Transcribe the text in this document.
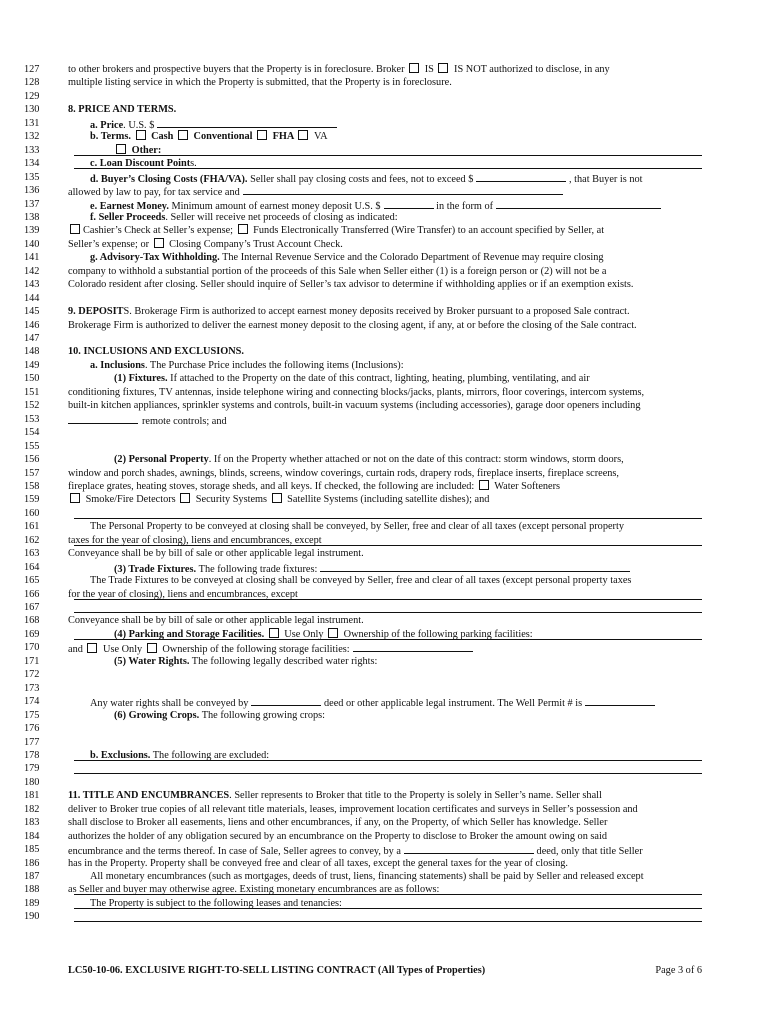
127	to other brokers and prospective buyers that the Property is in foreclosure. Broker  IS  IS NOT authorized to disclose, in any
128	multiple listing service in which the Property is submitted, that the Property is in foreclosure.
129
130	8. PRICE AND TERMS.
131	a. Price. U.S. $
132	b. Terms.  Cash  Conventional  FHA  VA
133	Other:
134	c. Loan Discount Points.
135	d. Buyer’s Closing Costs (FHA/VA). Seller shall pay closing costs and fees, not to exceed $	, that Buyer is not
136	allowed by law to pay, for tax service and
137	e. Earnest Money. Minimum amount of earnest money deposit U.S. $	in the form of
138	f. Seller Proceeds. Seller will receive net proceeds of closing as indicated:
139	Cashier’s Check at Seller’s expense;  Funds Electronically Transferred (Wire Transfer) to an account specified by Seller, at
140	Seller’s expense; or  Closing Company’s Trust Account Check.
141	g. Advisory-Tax Withholding. The Internal Revenue Service and the Colorado Department of Revenue may require closing
142	company to withhold a substantial portion of the proceeds of this Sale when Seller either (1) is a foreign person or (2) will not be a
143	Colorado resident after closing. Seller should inquire of Seller’s tax advisor to determine if withholding applies or if an exemption exists.
144
145	9. DEPOSITS. Brokerage Firm is authorized to accept earnest money deposits received by Broker pursuant to a proposed Sale contract.
146	Brokerage Firm is authorized to deliver the earnest money deposit to the closing agent, if any, at or before the closing of the Sale contract.
147
148	10. INCLUSIONS AND EXCLUSIONS.
149	a. Inclusions. The Purchase Price includes the following items (Inclusions):
150	(1) Fixtures. If attached to the Property on the date of this contract, lighting, heating, plumbing, ventilating, and air
151	conditioning fixtures, TV antennas, inside telephone wiring and connecting blocks/jacks, plants, mirrors, floor coverings, intercom systems,
152	built-in kitchen appliances, sprinkler systems and controls, built-in vacuum systems (including accessories), garage door openers including
153	remote controls; and
154
155
156	(2) Personal Property. If on the Property whether attached or not on the date of this contract: storm windows, storm doors,
157	window and porch shades, awnings, blinds, screens, window coverings, curtain rods, drapery rods, fireplace inserts, fireplace screens,
158	fireplace grates, heating stoves, storage sheds, and all keys. If checked, the following are included:  Water Softeners
159	Smoke/Fire Detectors  Security Systems  Satellite Systems (including satellite dishes); and
160
161	The Personal Property to be conveyed at closing shall be conveyed, by Seller, free and clear of all taxes (except personal property
162	taxes for the year of closing), liens and encumbrances, except
163	Conveyance shall be by bill of sale or other applicable legal instrument.
164	(3) Trade Fixtures. The following trade fixtures:
165	The Trade Fixtures to be conveyed at closing shall be conveyed by Seller, free and clear of all taxes (except personal property taxes
166	for the year of closing), liens and encumbrances, except
167
168	Conveyance shall be by bill of sale or other applicable legal instrument.
169	(4) Parking and Storage Facilities.  Use Only  Ownership of the following parking facilities:
170	and  Use Only  Ownership of the following storage facilities:
171	(5) Water Rights. The following legally described water rights:
172
173
174	Any water rights shall be conveyed by	deed or other applicable legal instrument. The Well Permit # is
175	(6) Growing Crops. The following growing crops:
176
177
178	b. Exclusions. The following are excluded:
179
180
181	11. TITLE AND ENCUMBRANCES. Seller represents to Broker that title to the Property is solely in Seller’s name. Seller shall
182	deliver to Broker true copies of all relevant title materials, leases, improvement location certificates and surveys in Seller’s possession and
183	shall disclose to Broker all easements, liens and other encumbrances, if any, on the Property, of which Seller has knowledge. Seller
184	authorizes the holder of any obligation secured by an encumbrance on the Property to disclose to Broker the amount owing on said
185	encumbrance and the terms thereof. In case of Sale, Seller agrees to convey, by a	deed, only that title Seller
186	has in the Property. Property shall be conveyed free and clear of all taxes, except the general taxes for the year of closing.
187	All monetary encumbrances (such as mortgages, deeds of trust, liens, financing statements) shall be paid by Seller and released except
188	as Seller and buyer may otherwise agree. Existing monetary encumbrances are as follows:
189	The Property is subject to the following leases and tenancies:
190
LC50-10-06. EXCLUSIVE RIGHT-TO-SELL LISTING CONTRACT (All Types of Properties)	Page 3 of 6
